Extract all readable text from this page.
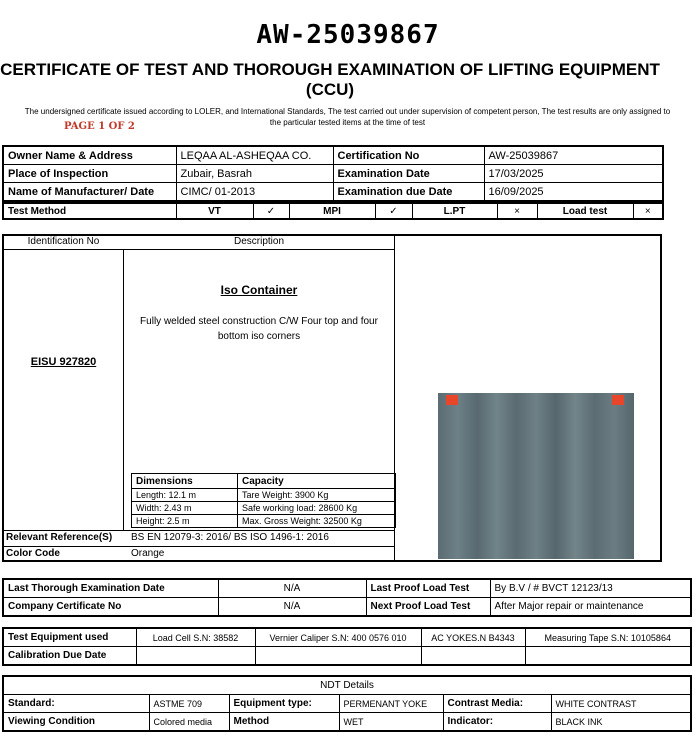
AW-25039867
CERTIFICATE OF TEST AND THOROUGH EXAMINATION OF LIFTING EQUIPMENT
(CCU)
The undersigned certificate issued according to LOLER, and International Standards, The test carried out under supervision of competent person, The test results are only assigned to the particular tested items at the time of test
PAGE 1 OF 2
Owner Name & Address	LEQAA AL-ASHEQAA CO.	Certification No	AW-25039867
Place of Inspection	Zubair, Basrah	Examination Date	17/03/2025
Name of Manufacturer/ Date	CIMC/ 01-2013	Examination due Date	16/09/2025
Test Method	VT	✓	MPI	✓	L.PT	×	Load test	×
Identification No	Description
EISU 927820
Iso Container
Fully welded steel construction C/W Four top and four bottom iso corners
Dimensions	Capacity
Length: 12.1 m	Tare Weight: 3900 Kg
Width: 2.43 m	Safe working load: 28600 Kg
Height: 2.5 m	Max. Gross Weight: 32500 Kg
Relevant Reference(S) BS EN 12079-3: 2016/ BS ISO 1496-1: 2016
Color Code	Orange
Last Thorough Examination Date	N/A	Last Proof Load Test	By B.V / # BVCT 12123/13
Company Certificate No	N/A	Next Proof Load Test	After Major repair or maintenance
Test Equipment used	Load Cell S.N: 38582	Vernier Caliper S.N: 400 0576 010	AC YOKES.N B4343	Measuring Tape S.N: 10105864
Calibration Due Date				
NDT Details					
Standard:	ASTME 709	Equipment type:	PERMENANT YOKE	Contrast Media:	WHITE CONTRAST
Viewing Condition	Colored media	Method	WET	Indicator:	BLACK INK
